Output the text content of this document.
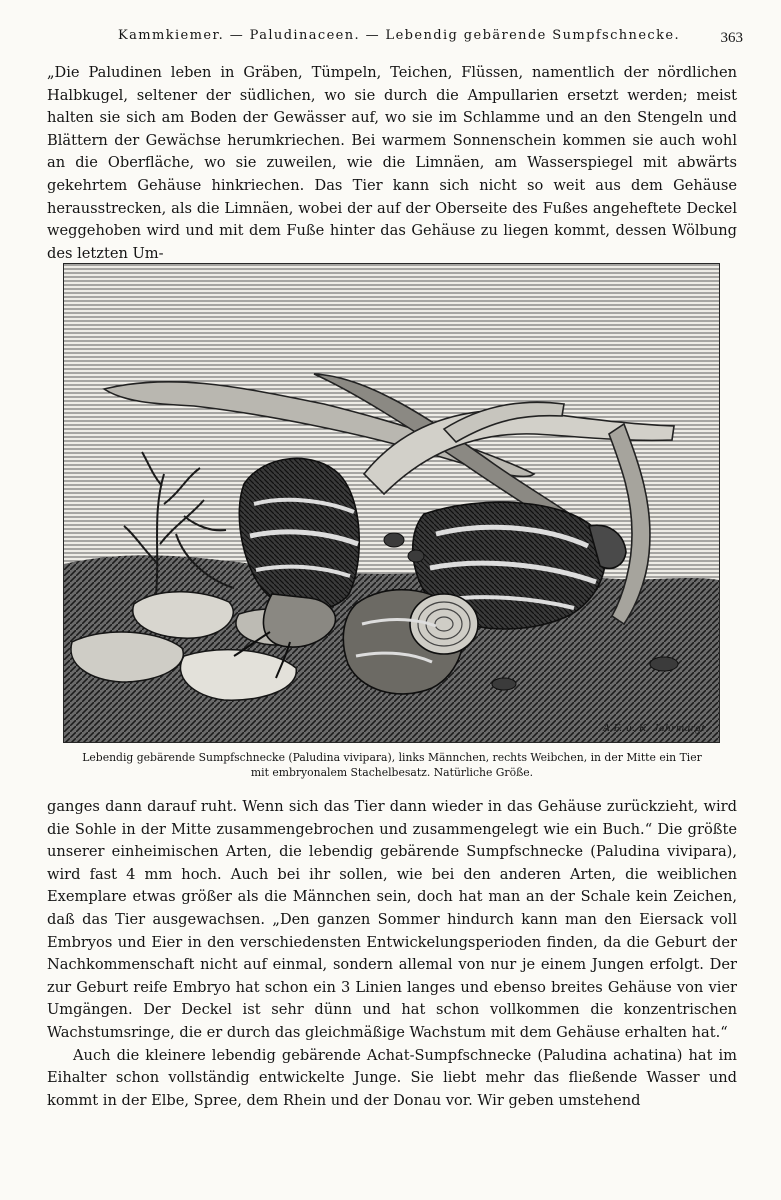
Kammkiemer. — Paludinaceen. — Lebendig gebärende Sumpfschnecke.	363

„Die Paludinen leben in Gräben, Tümpeln, Teichen, Flüssen, namentlich der nördlichen Halbkugel, seltener der südlichen, wo sie durch die Ampullarien ersetzt werden; meist halten sie sich am Boden der Gewässer auf, wo sie im Schlamme und an den Stengeln und Blättern der Gewächse herumkriechen. Bei warmem Sonnenschein kommen sie auch wohl an die Oberfläche, wo sie zuweilen, wie die Limnäen, am Wasserspiegel mit abwärts gekehrtem Gehäuse hinkriechen. Das Tier kann sich nicht so weit aus dem Gehäuse herausstrecken, als die Limnäen, wobei der auf der Oberseite des Fußes angeheftete Deckel weggehoben wird und mit dem Fuße hinter das Gehäuse zu liegen kommt, dessen Wölbung des letzten Um-

A.F. u. K. Jahrmargt
Lebendig gebärende Sumpfschnecke (Paludina vivipara), links Männchen, rechts Weibchen, in der Mitte ein Tier
mit embryonalem Stachelbesatz. Natürliche Größe.

ganges dann darauf ruht. Wenn sich das Tier dann wieder in das Gehäuse zurückzieht, wird die Sohle in der Mitte zusammengebrochen und zusammengelegt wie ein Buch.“ Die größte unserer einheimischen Arten, die lebendig gebärende Sumpfschnecke (Paludina vivipara), wird fast 4 mm hoch. Auch bei ihr sollen, wie bei den anderen Arten, die weiblichen Exemplare etwas größer als die Männchen sein, doch hat man an der Schale kein Zeichen, daß das Tier ausgewachsen. „Den ganzen Sommer hindurch kann man den Eiersack voll Embryos und Eier in den verschiedensten Entwickelungsperioden finden, da die Geburt der Nachkommenschaft nicht auf einmal, sondern allemal von nur je einem Jungen erfolgt. Der zur Geburt reife Embryo hat schon ein 3 Linien langes und ebenso breites Gehäuse von vier Umgängen. Der Deckel ist sehr dünn und hat schon vollkommen die konzentrischen Wachstumsringe, die er durch das gleichmäßige Wachstum mit dem Gehäuse erhalten hat.“

Auch die kleinere lebendig gebärende Achat-Sumpfschnecke (Paludina achatina) hat im Eihalter schon vollständig entwickelte Junge. Sie liebt mehr das fließende Wasser und kommt in der Elbe, Spree, dem Rhein und der Donau vor. Wir geben umstehend
